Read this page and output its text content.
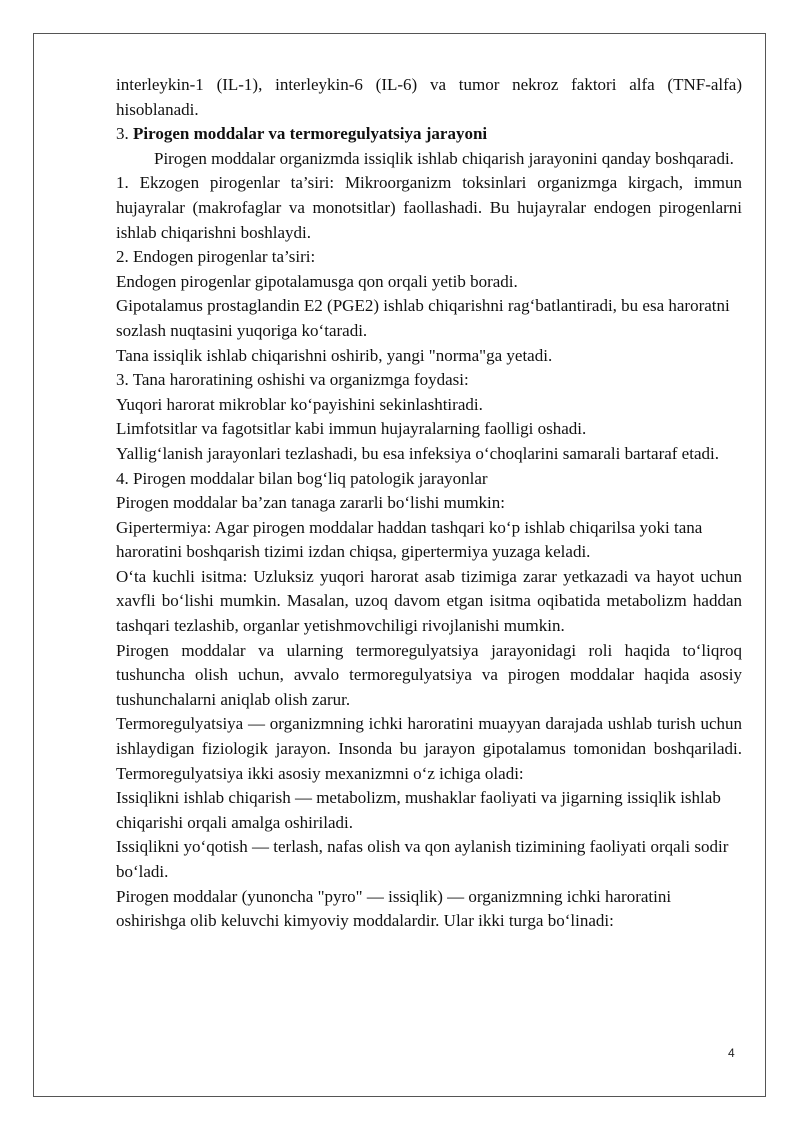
interleykin-1 (IL-1), interleykin-6 (IL-6) va tumor nekroz faktori alfa (TNF-alfa) hisoblanadi.

3. Pirogen moddalar va termoregulyatsiya jarayoni

Pirogen moddalar organizmda issiqlik ishlab chiqarish jarayonini qanday boshqaradi.

1. Ekzogen pirogenlar ta’siri: Mikroorganizm toksinlari organizmga kirgach, immun hujayralar (makrofaglar va monotsitlar) faollashadi. Bu hujayralar endogen pirogenlarni ishlab chiqarishni boshlaydi.

2. Endogen pirogenlar ta’siri:

Endogen pirogenlar gipotalamusga qon orqali yetib boradi.

Gipotalamus prostaglandin E2 (PGE2) ishlab chiqarishni rag‘batlantiradi, bu esa haroratni sozlash nuqtasini yuqoriga ko‘taradi.

Tana issiqlik ishlab chiqarishni oshirib, yangi "norma"ga yetadi.

3. Tana haroratining oshishi va organizmga foydasi:

Yuqori harorat mikroblar ko‘payishini sekinlashtiradi.

Limfotsitlar va fagotsitlar kabi immun hujayralarning faolligi oshadi.

Yallig‘lanish jarayonlari tezlashadi, bu esa infeksiya o‘choqlarini samarali bartaraf etadi.

4. Pirogen moddalar bilan bog‘liq patologik jarayonlar

Pirogen moddalar ba’zan tanaga zararli bo‘lishi mumkin:

Gipertermiya: Agar pirogen moddalar haddan tashqari ko‘p ishlab chiqarilsa yoki tana haroratini boshqarish tizimi izdan chiqsa, gipertermiya yuzaga keladi.

O‘ta kuchli isitma: Uzluksiz yuqori harorat asab tizimiga zarar yetkazadi va hayot uchun xavfli bo‘lishi mumkin. Masalan, uzoq davom etgan isitma oqibatida metabolizm haddan tashqari tezlashib, organlar yetishmovchiligi rivojlanishi mumkin.

Pirogen moddalar va ularning termoregulyatsiya jarayonidagi roli haqida to‘liqroq tushuncha olish uchun, avvalo termoregulyatsiya va pirogen moddalar haqida asosiy tushunchalarni aniqlab olish zarur.

Termoregulyatsiya — organizmning ichki haroratini muayyan darajada ushlab turish uchun ishlaydigan fiziologik jarayon. Insonda bu jarayon gipotalamus tomonidan boshqariladi. Termoregulyatsiya ikki asosiy mexanizmni o‘z ichiga oladi:

Issiqlikni ishlab chiqarish — metabolizm, mushaklar faoliyati va jigarning issiqlik ishlab chiqarishi orqali amalga oshiriladi.

Issiqlikni yo‘qotish — terlash, nafas olish va qon aylanish tizimining faoliyati orqali sodir bo‘ladi.

Pirogen moddalar (yunoncha "pyro" — issiqlik) — organizmning ichki haroratini oshirishga olib keluvchi kimyoviy moddalardir. Ular ikki turga bo‘linadi:

4
